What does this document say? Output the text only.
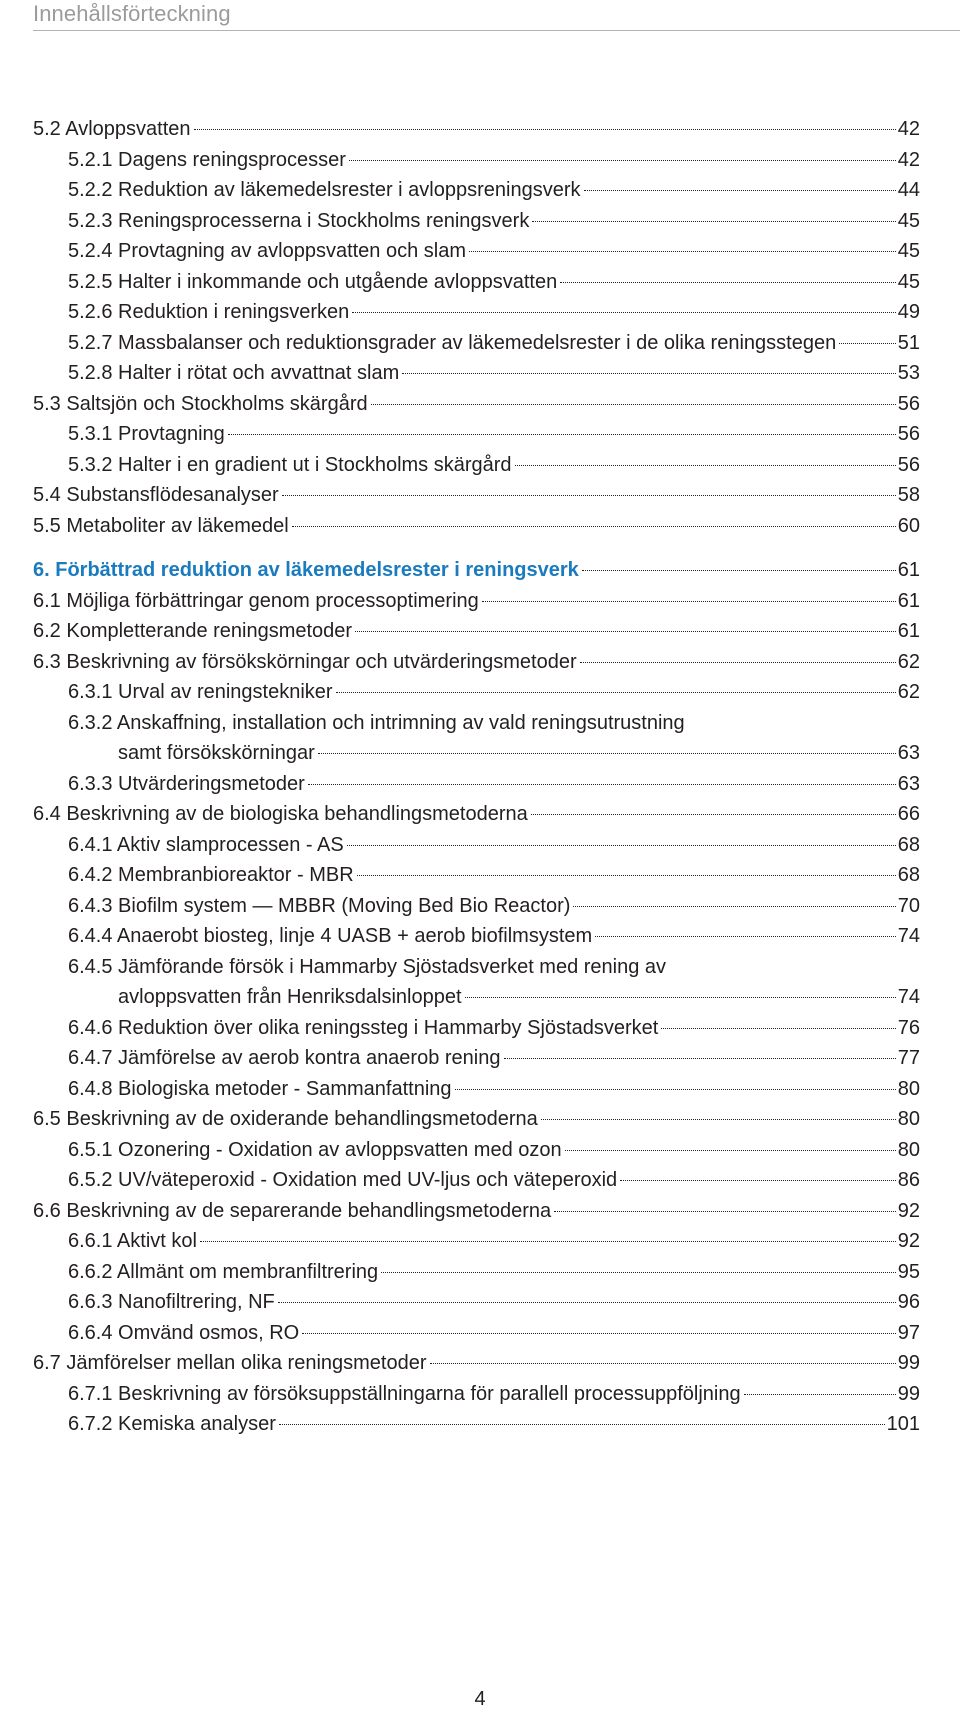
Innehållsförteckning
5.2 Avloppsvatten	42
5.2.1 Dagens reningsprocesser	42
5.2.2 Reduktion av läkemedelsrester i avloppsreningsverk	44
5.2.3 Reningsprocesserna i Stockholms reningsverk	45
5.2.4 Provtagning av avloppsvatten och slam	45
5.2.5 Halter i inkommande och utgående avloppsvatten	45
5.2.6 Reduktion i reningsverken	49
5.2.7 Massbalanser och reduktionsgrader av läkemedelsrester i de olika reningsstegen	51
5.2.8 Halter i rötat och avvattnat slam	53
5.3 Saltsjön och Stockholms skärgård	56
5.3.1 Provtagning	56
5.3.2 Halter i en gradient ut i Stockholms skärgård	56
5.4 Substansflödesanalyser	58
5.5 Metaboliter av läkemedel	60
6. Förbättrad reduktion av läkemedelsrester i reningsverk	61
6.1 Möjliga förbättringar genom processoptimering	61
6.2 Kompletterande reningsmetoder	61
6.3 Beskrivning av försökskörningar och utvärderingsmetoder	62
6.3.1 Urval av reningstekniker	62
6.3.2 Anskaffning, installation och intrimning av vald reningsutrustning
samt försökskörningar	63
6.3.3 Utvärderingsmetoder	63
6.4 Beskrivning av de biologiska behandlingsmetoderna	66
6.4.1 Aktiv slamprocessen - AS	68
6.4.2 Membranbioreaktor - MBR	68
6.4.3 Biofilm system — MBBR (Moving Bed Bio Reactor)	70
6.4.4 Anaerobt biosteg, linje 4 UASB + aerob biofilmsystem	74
6.4.5 Jämförande försök i Hammarby Sjöstadsverket med rening av
avloppsvatten från Henriksdalsinloppet	74
6.4.6 Reduktion över olika reningssteg i Hammarby Sjöstadsverket	76
6.4.7 Jämförelse av aerob kontra anaerob rening	77
6.4.8 Biologiska metoder - Sammanfattning	80
6.5 Beskrivning av de oxiderande behandlingsmetoderna	80
6.5.1 Ozonering - Oxidation av avloppsvatten med ozon	80
6.5.2 UV/väteperoxid - Oxidation med UV-ljus och väteperoxid	86
6.6 Beskrivning av de separerande behandlingsmetoderna	92
6.6.1 Aktivt kol	92
6.6.2 Allmänt om membranfiltrering	95
6.6.3 Nanofiltrering, NF	96
6.6.4 Omvänd osmos, RO	97
6.7 Jämförelser mellan olika reningsmetoder	99
6.7.1 Beskrivning av försöksuppställningarna för parallell processuppföljning	99
6.7.2 Kemiska analyser	101
4
